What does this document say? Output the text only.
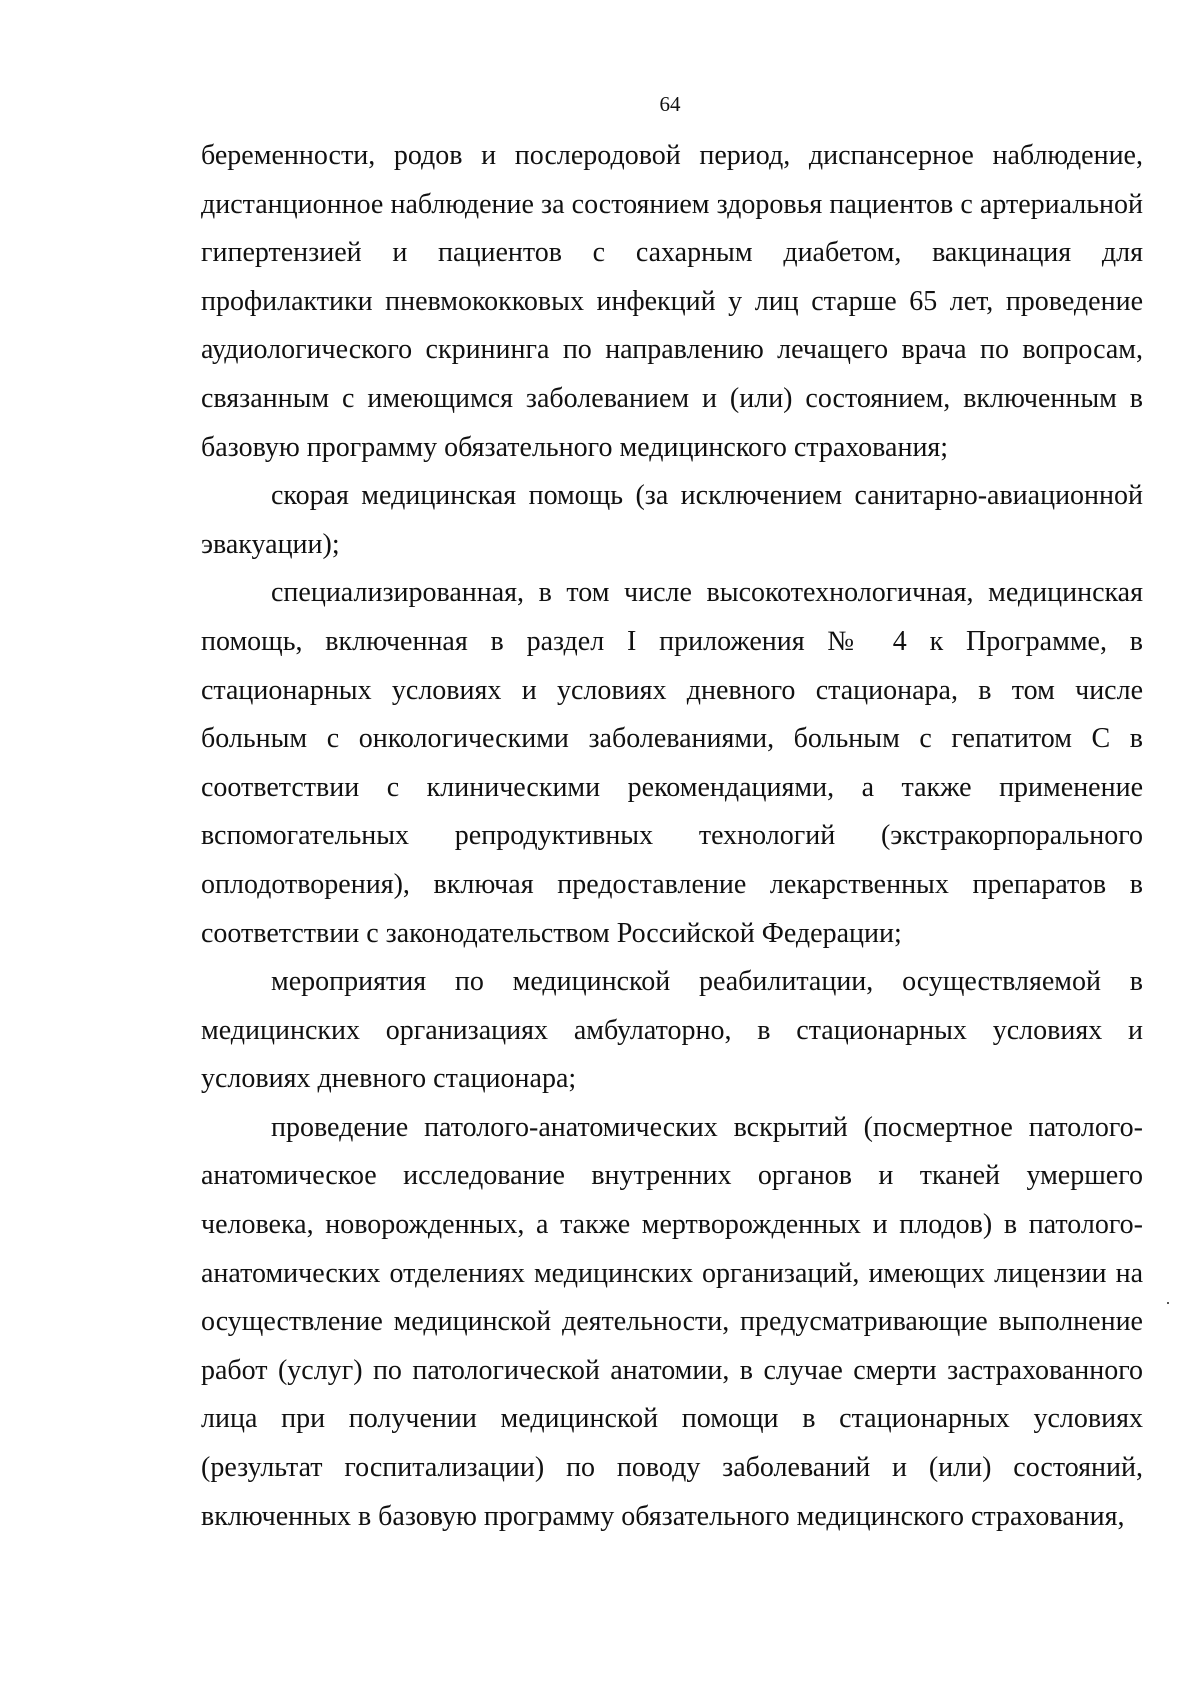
64

беременности, родов и послеродовой период, диспансерное наблюдение, дистанционное наблюдение за состоянием здоровья пациентов с артериальной гипертензией и пациентов с сахарным диабетом, вакцинация для профилактики пневмококковых инфекций у лиц старше 65 лет, проведение аудиологического скрининга по направлению лечащего врача по вопросам, связанным с имеющимся заболеванием и (или) состоянием, включенным в базовую программу обязательного медицинского страхования;

скорая медицинская помощь (за исключением санитарно-авиационной эвакуации);

специализированная, в том числе высокотехнологичная, медицинская помощь, включенная в раздел I приложения № 4 к Программе, в стационарных условиях и условиях дневного стационара, в том числе больным с онкологическими заболеваниями, больным с гепатитом С в соответствии с клиническими рекомендациями, а также применение вспомогательных репродуктивных технологий (экстракорпорального оплодотворения), включая предоставление лекарственных препаратов в соответствии с законодательством Российской Федерации;

мероприятия по медицинской реабилитации, осуществляемой в медицинских организациях амбулаторно, в стационарных условиях и условиях дневного стационара;

проведение патолого-анатомических вскрытий (посмертное патолого-анатомическое исследование внутренних органов и тканей умершего человека, новорожденных, а также мертворожденных и плодов) в патолого-анатомических отделениях медицинских организаций, имеющих лицензии на осуществление медицинской деятельности, предусматривающие выполнение работ (услуг) по патологической анатомии, в случае смерти застрахованного лица при получении медицинской помощи в стационарных условиях (результат госпитализации) по поводу заболеваний и (или) состояний, включенных в базовую программу обязательного медицинского страхования,
